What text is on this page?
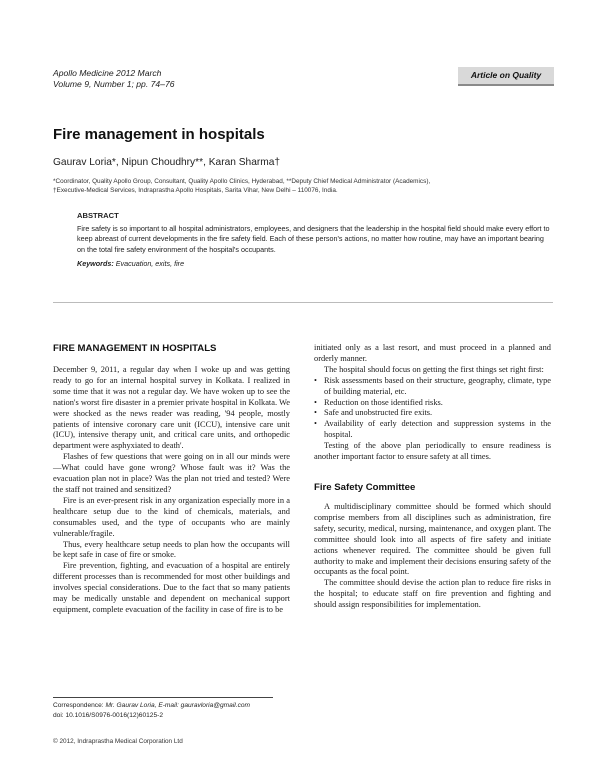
Apollo Medicine 2012 March
Volume 9, Number 1; pp. 74–76
Article on Quality
Fire management in hospitals
Gaurav Loria*, Nipun Choudhry**, Karan Sharma†
*Coordinator, Quality Apollo Group, Consultant, Quality Apollo Clinics, Hyderabad, **Deputy Chief Medical Administrator (Academics),
†Executive-Medical Services, Indraprastha Apollo Hospitals, Sarita Vihar, New Delhi – 110076, India.
ABSTRACT
Fire safety is so important to all hospital administrators, employees, and designers that the leadership in the hospital field should make every effort to keep abreast of current developments in the fire safety field. Each of these person's actions, no matter how routine, may have an important bearing on the total fire safety environment of the hospital's occupants.
Keywords: Evacuation, exits, fire
FIRE MANAGEMENT IN HOSPITALS

December 9, 2011, a regular day when I woke up and was getting ready to go for an internal hospital survey in Kolkata. I realized in some time that it was not a regular day. We have woken up to see the nation's worst fire disaster in a premier private hospital in Kolkata. We were shocked as the news reader was reading, '94 people, mostly patients of intensive coronary care unit (ICCU), intensive care unit (ICU), intensive therapy unit, and critical care units, and orthopedic department were asphyxiated to death'.

Flashes of few questions that were going on in all our minds were—What could have gone wrong? Whose fault was it? Was the evacuation plan not in place? Was the plan not tried and tested? Were the staff not trained and sensitized?

Fire is an ever-present risk in any organization especially more in a healthcare setup due to the kind of chemicals, materials, and consumables used, and the type of occupants who are mainly vulnerable/fragile.

Thus, every healthcare setup needs to plan how the occupants will be kept safe in case of fire or smoke.

Fire prevention, fighting, and evacuation of a hospital are entirely different processes than is recommended for most other buildings and involves special considerations. Due to the fact that so many patients may be medically unstable and dependent on mechanical support equipment, complete evacuation of the facility in case of fire is to be

initiated only as a last resort, and must proceed in a planned and orderly manner.

The hospital should focus on getting the first things set right first:

• Risk assessments based on their structure, geography, climate, type of building material, etc.
• Reduction on those identified risks.
• Safe and unobstructed fire exits.
• Availability of early detection and suppression systems in the hospital.

Testing of the above plan periodically to ensure readiness is another important factor to ensure safety at all times.

Fire Safety Committee

A multidisciplinary committee should be formed which should comprise members from all disciplines such as administration, fire safety, security, medical, nursing, maintenance, and oxygen plant. The committee should look into all aspects of fire safety and initiate actions whenever required. The committee should be given full authority to make and implement their decisions ensuring safety of the occupants as the focal point.

The committee should devise the action plan to reduce fire risks in the hospital; to educate staff on fire prevention and fighting and should assign responsibilities for implementation.

Correspondence: Mr. Gaurav Loria, E-mail: gauravloria@gmail.com
doi: 10.1016/S0976-0016(12)60125-2
© 2012, Indraprastha Medical Corporation Ltd
